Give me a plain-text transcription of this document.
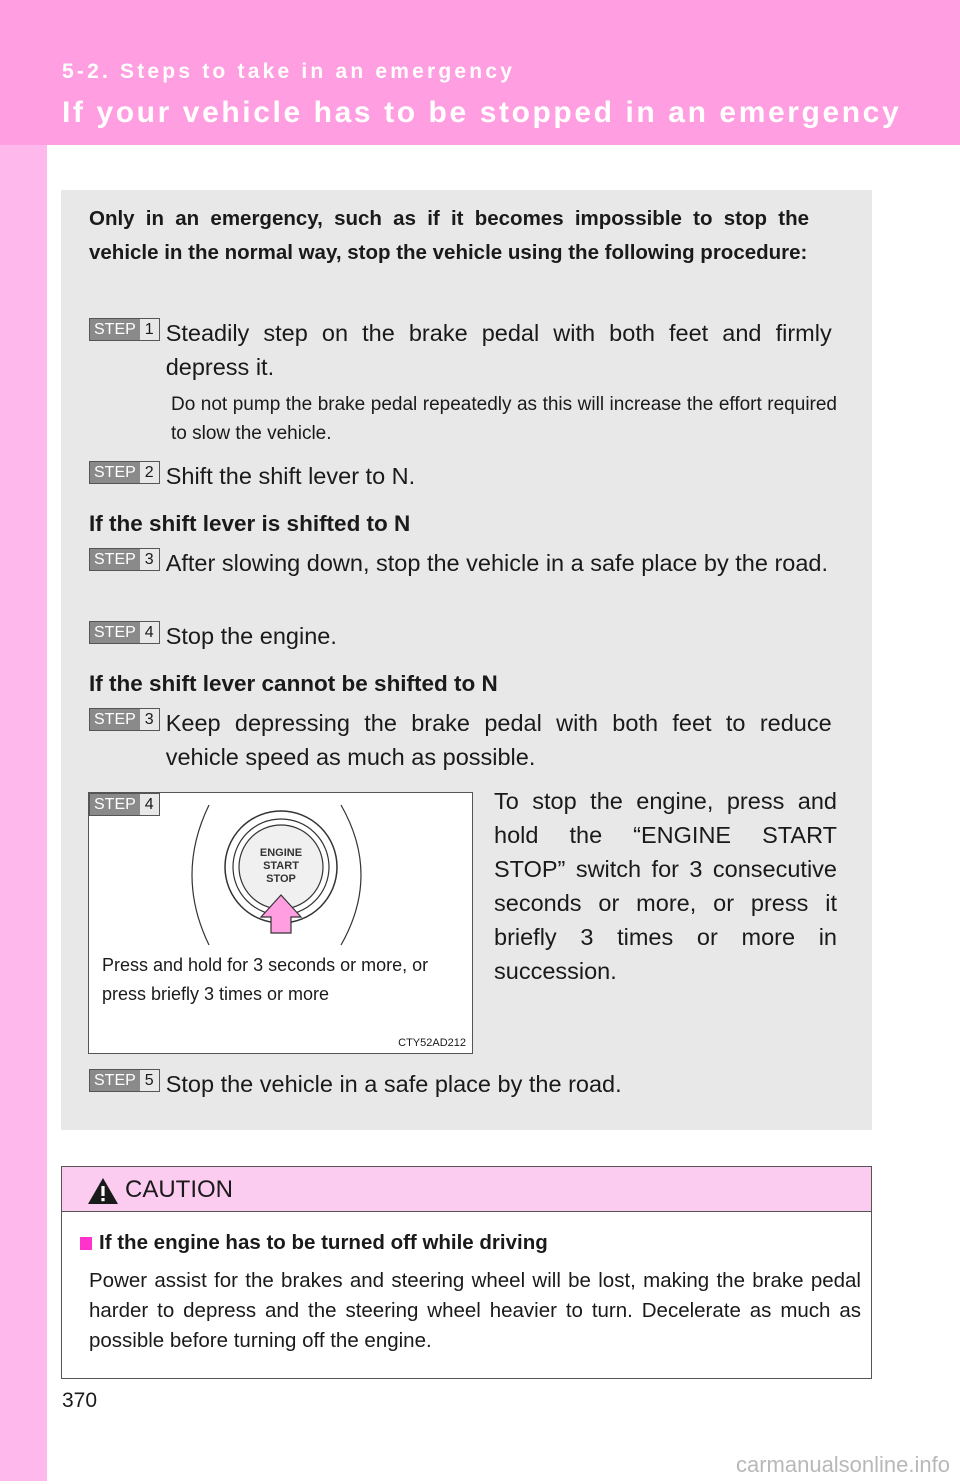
5-2. Steps to take in an emergency
If your vehicle has to be stopped in an emergency

Only in an emergency, such as if it becomes impossible to stop the vehicle in the normal way, stop the vehicle using the following procedure:

STEP 1 Steadily step on the brake pedal with both feet and firmly depress it.

Do not pump the brake pedal repeatedly as this will increase the effort required to slow the vehicle.

STEP 2 Shift the shift lever to N.
If the shift lever is shifted to N
STEP 3 After slowing down, stop the vehicle in a safe place by the road.
STEP 4 Stop the engine.
If the shift lever cannot be shifted to N
STEP 3 Keep depressing the brake pedal with both feet to reduce vehicle speed as much as possible.
STEP 4
ENGINE
START
STOP

Press and hold for 3 seconds or more, or press briefly 3 times or more

CTY52AD212

To stop the engine, press and hold the “ENGINE START STOP” switch for 3 consecutive seconds or more, or press it briefly 3 times or more in succession.

STEP 5 Stop the vehicle in a safe place by the road.
CAUTION
If the engine has to be turned off while driving

Power assist for the brakes and steering wheel will be lost, making the brake pedal harder to depress and the steering wheel heavier to turn. Decelerate as much as possible before turning off the engine.

370
carmanualsonline.info
